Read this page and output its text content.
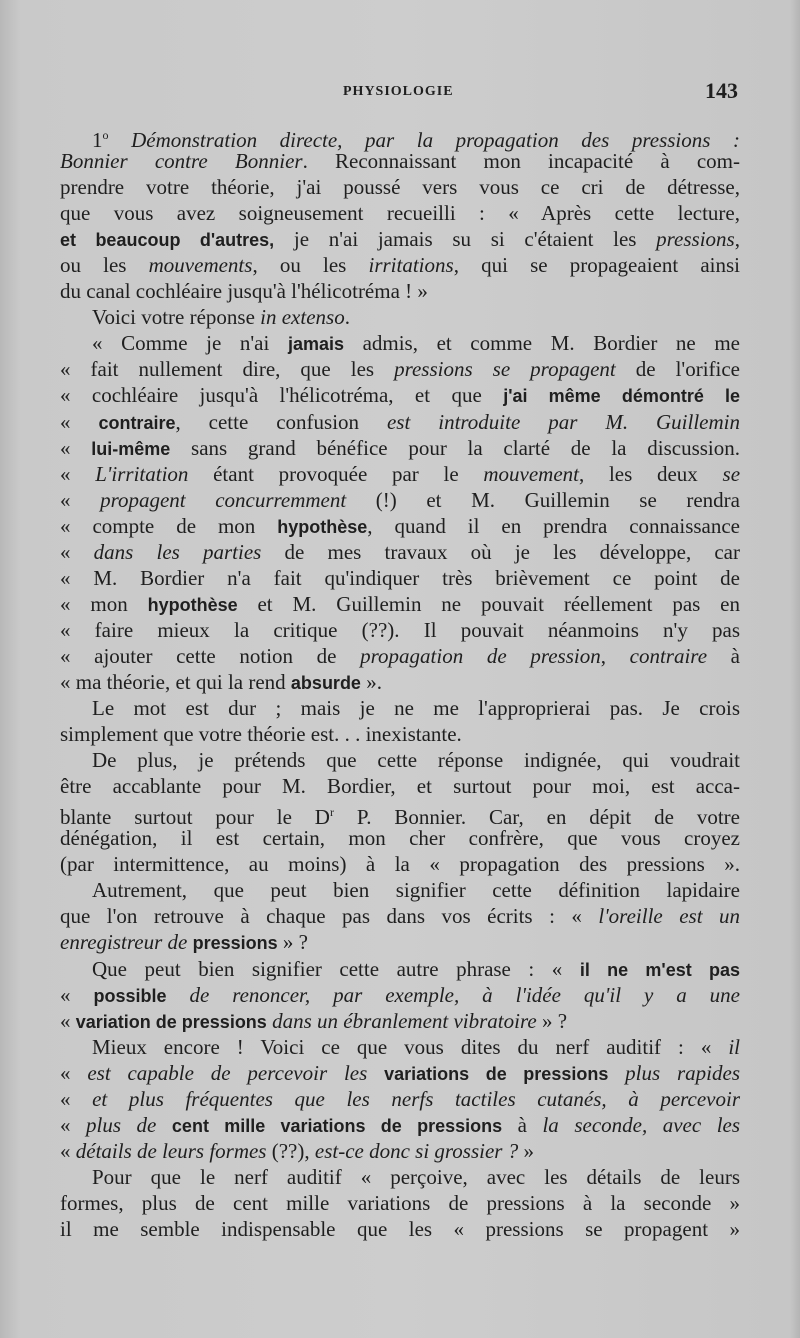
PHYSIOLOGIE	143
1$^o$ Démonstration directe, par la propagation des pressions :
Bonnier contre Bonnier. Reconnaissant mon incapacité à com-
prendre votre théorie, j'ai poussé vers vous ce cri de détresse,
que vous avez soigneusement recueilli : « Après cette lecture,
et beaucoup d'autres, je n'ai jamais su si c'étaient les pressions,
ou les mouvements, ou les irritations, qui se propageaient ainsi
du canal cochléaire jusqu'à l'hélicotréma ! »
Voici votre réponse in extenso.
« Comme je n'ai jamais admis, et comme M. Bordier ne me
« fait nullement dire, que les pressions se propagent de l'orifice
« cochléaire jusqu'à l'hélicotréma, et que j'ai même démontré le
« contraire, cette confusion est introduite par M. Guillemin
« lui-même sans grand bénéfice pour la clarté de la discussion.
« L'irritation étant provoquée par le mouvement, les deux se
« propagent concurremment (!) et M. Guillemin se rendra
« compte de mon hypothèse, quand il en prendra connaissance
« dans les parties de mes travaux où je les développe, car
« M. Bordier n'a fait qu'indiquer très brièvement ce point de
« mon hypothèse et M. Guillemin ne pouvait réellement pas en
« faire mieux la critique (??). Il pouvait néanmoins n'y pas
« ajouter cette notion de propagation de pression, contraire à
« ma théorie, et qui la rend absurde ».
Le mot est dur ; mais je ne me l'approprierai pas. Je crois
simplement que votre théorie est. . . inexistante.
De plus, je prétends que cette réponse indignée, qui voudrait
être accablante pour M. Bordier, et surtout pour moi, est acca-
blante surtout pour le $D^r$ P. Bonnier. Car, en dépit de votre
dénégation, il est certain, mon cher confrère, que vous croyez
(par intermittence, au moins) à la « propagation des pressions ».
Autrement, que peut bien signifier cette définition lapidaire
que l'on retrouve à chaque pas dans vos écrits : « l'oreille est un
enregistreur de pressions » ?
Que peut bien signifier cette autre phrase : « il ne m'est pas
« possible de renoncer, par exemple, à l'idée qu'il y a une
« variation de pressions dans un ébranlement vibratoire » ?
Mieux encore ! Voici ce que vous dites du nerf auditif : « il
« est capable de percevoir les variations de pressions plus rapides
« et plus fréquentes que les nerfs tactiles cutanés, à percevoir
« plus de cent mille variations de pressions à la seconde, avec les
« détails de leurs formes (??), est-ce donc si grossier ? »
Pour que le nerf auditif « perçoive, avec les détails de leurs
formes, plus de cent mille variations de pressions à la seconde »
il me semble indispensable que les « pressions se propagent »
